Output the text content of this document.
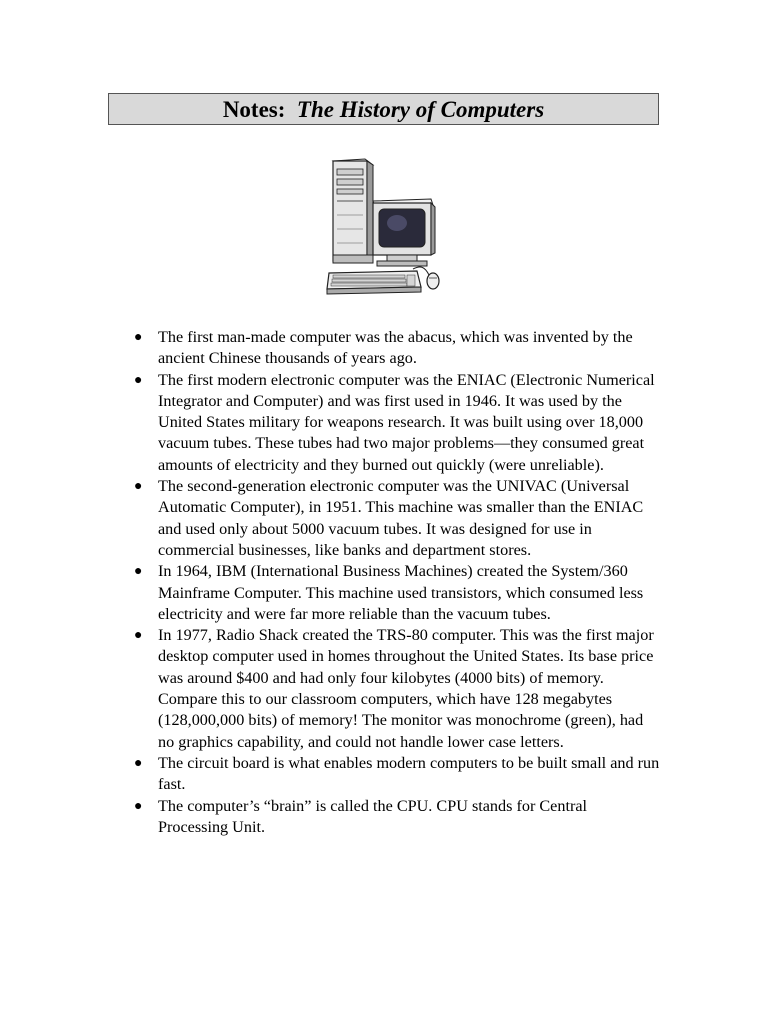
Notes: The History of Computers
● The first man-made computer was the abacus, which was invented by the ancient Chinese thousands of years ago.
● The first modern electronic computer was the ENIAC (Electronic Numerical Integrator and Computer) and was first used in 1946. It was used by the United States military for weapons research. It was built using over 18,000 vacuum tubes. These tubes had two major problems—they consumed great amounts of electricity and they burned out quickly (were unreliable).
● The second-generation electronic computer was the UNIVAC (Universal Automatic Computer), in 1951. This machine was smaller than the ENIAC and used only about 5000 vacuum tubes. It was designed for use in commercial businesses, like banks and department stores.
● In 1964, IBM (International Business Machines) created the System/360 Mainframe Computer. This machine used transistors, which consumed less electricity and were far more reliable than the vacuum tubes.
● In 1977, Radio Shack created the TRS-80 computer. This was the first major desktop computer used in homes throughout the United States. Its base price was around $400 and had only four kilobytes (4000 bits) of memory. Compare this to our classroom computers, which have 128 megabytes (128,000,000 bits) of memory! The monitor was monochrome (green), had no graphics capability, and could not handle lower case letters.
● The circuit board is what enables modern computers to be built small and run fast.
● The computer’s “brain” is called the CPU. CPU stands for Central Processing Unit.
